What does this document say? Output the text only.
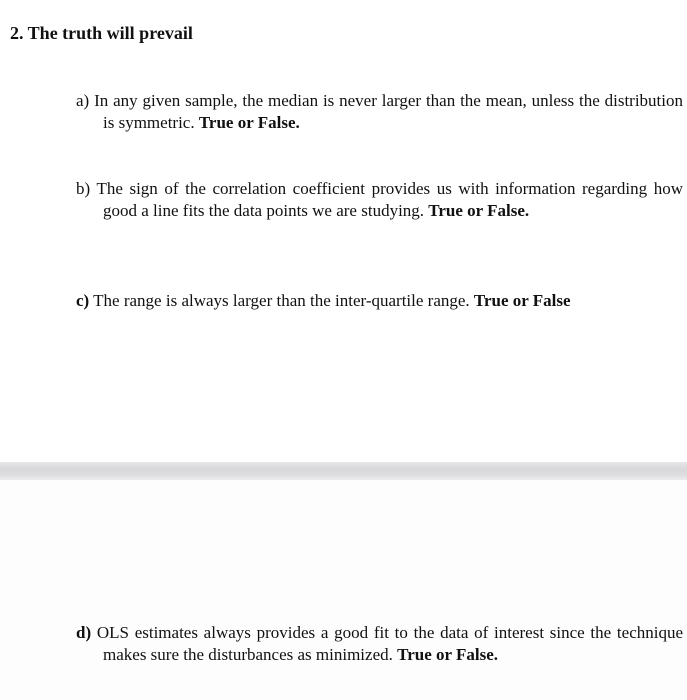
2. The truth will prevail
a) In any given sample, the median is never larger than the mean, unless the distribution is symmetric. True or False.
b) The sign of the correlation coefficient provides us with information regarding how good a line fits the data points we are studying. True or False.
c) The range is always larger than the inter-quartile range. True or False
d) OLS estimates always provides a good fit to the data of interest since the technique makes sure the disturbances as minimized. True or False.
